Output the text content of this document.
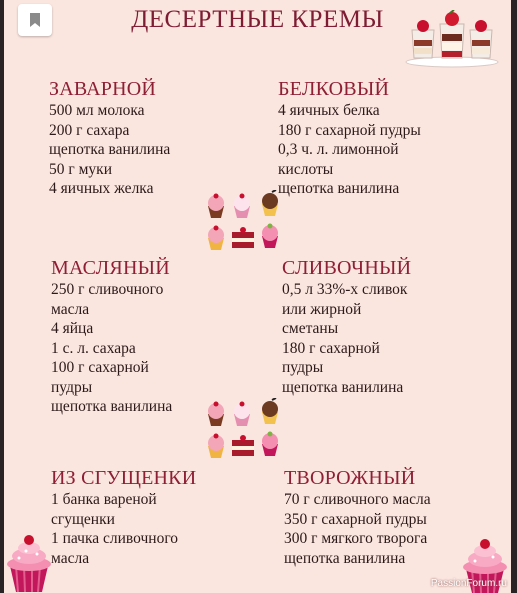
ДЕСЕРТНЫЕ КРЕМЫ
ЗАВАРНОЙ
500 мл молока
200 г сахара
щепотка ванилина
50 г муки
4 яичных желка
БЕЛКОВЫЙ
4 яичных белка
180 г сахарной пудры
0,3 ч. л. лимонной
кислоты
щепотка ванилина
МАСЛЯНЫЙ
250 г сливочного
масла
4 яйца
1 с. л. сахара
100 г сахарной
пудры
щепотка ванилина
СЛИВОЧНЫЙ
0,5 л 33%-х сливок
или жирной
сметаны
180 г сахарной
пудры
щепотка ванилина
ИЗ СГУЩЕНКИ
1 банка вареной
сгущенки
1 пачка сливочного
масла
ТВОРОЖНЫЙ
70 г сливочного масла
350 г сахарной пудры
300 г мягкого творога
щепотка ванилина
PassionForum.ru
